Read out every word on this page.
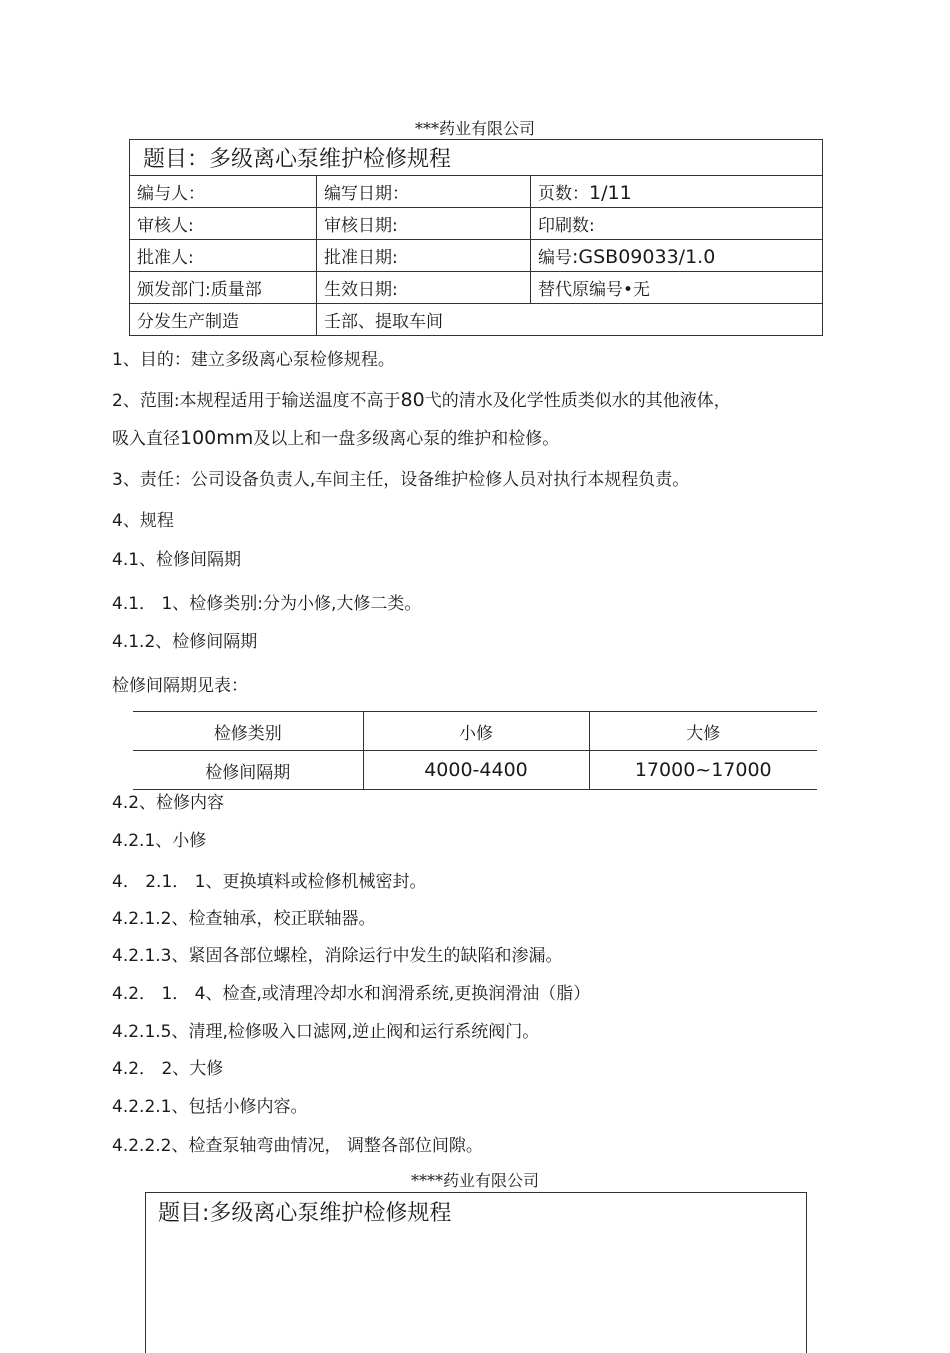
***药业有限公司
题目：多级离心泵维护检修规程		
编与人：	编写日期：	页数：1/11
审核人:	审核日期:	印刷数:
批准人:	批准日期:	编号:GSB09033/1.0
颁发部门:质量部	生效日期:	替代原编号•无
分发生产制造	壬部、提取车间	
1、目的：建立多级离心泵检修规程。
2、范围:本规程适用于输送温度不高于80弋的清水及化学性质类似水的其他液体，
吸入直径100mm及以上和一盘多级离心泵的维护和检修。
3、责任：公司设备负责人,车间主任，设备维护检修人员对执行本规程负责。
4、规程
4.1、检修间隔期
4.1． 1、检修类别:分为小修,大修二类。
4.1.2、检修间隔期
检修间隔期见表：
检修类别	小修	大修
检修间隔期	4000-4400	17000~17000
4.2、检修内容
4.2.1、小修
4． 2.1． 1、更换填料或检修机械密封。
4.2.1.2、检查轴承，校正联轴器。
4.2.1.3、紧固各部位螺栓，消除运行中发生的缺陷和渗漏。
4.2． 1． 4、检查,或清理冷却水和润滑系统,更换润滑油（脂）
4.2.1.5、清理,检修吸入口滤网,逆止阀和运行系统阀门。
4.2． 2、大修
4.2.2.1、包括小修内容。
4.2.2.2、检查泵轴弯曲情况， 调整各部位间隙。
****药业有限公司
题目:多级离心泵维护检修规程
